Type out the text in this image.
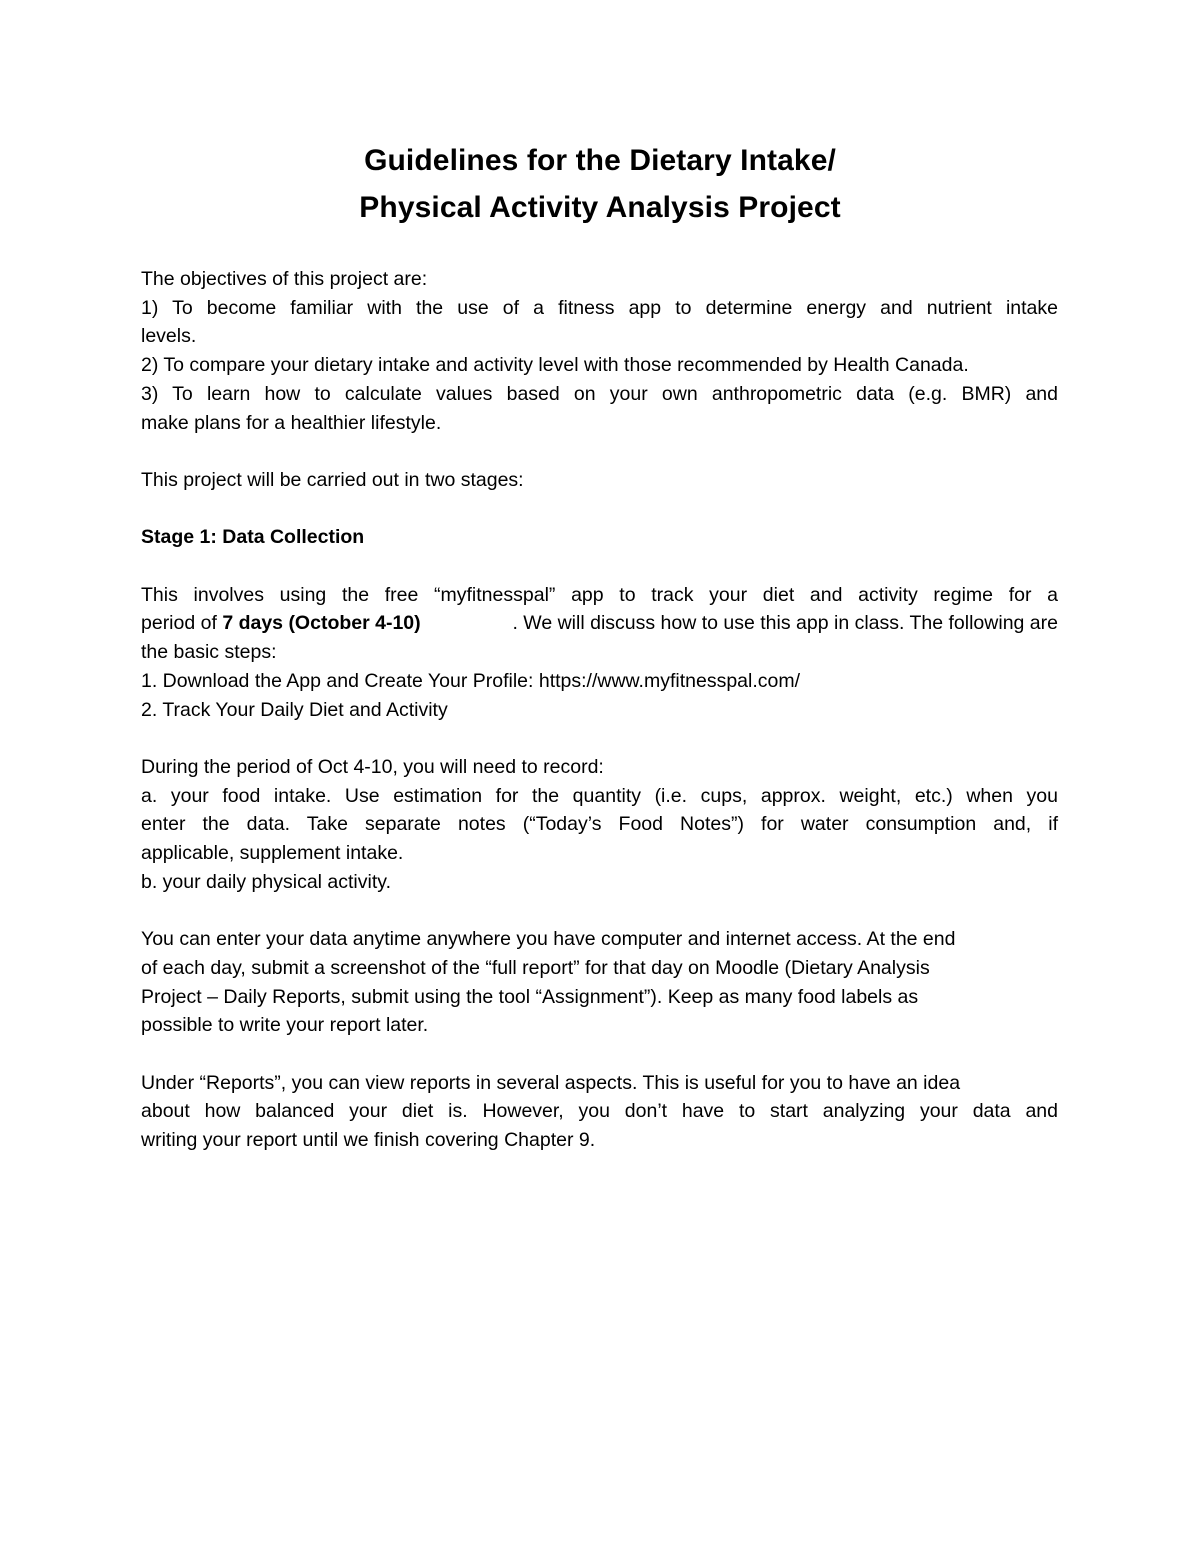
Guidelines for the Dietary Intake/
Physical Activity Analysis Project
The objectives of this project are:
1) To become familiar with the use of a fitness app to determine energy and nutrient intake
levels.
2) To compare your dietary intake and activity level with those recommended by Health Canada.
3) To learn how to calculate values based on your own anthropometric data (e.g. BMR) and
make plans for a healthier lifestyle.
This project will be carried out in two stages:
Stage 1: Data Collection
This involves using the free “myfitnesspal” app to track your diet and activity regime for a
period of 7 days (October 4-10)	. We will discuss how to use this app in class. The following are
the basic steps:
1. Download the App and Create Your Profile: https://www.myfitnesspal.com/
2. Track Your Daily Diet and Activity
During the period of Oct 4-10, you will need to record:
a. your food intake. Use estimation for the quantity (i.e. cups, approx. weight, etc.) when you
enter the data. Take separate notes (“Today’s Food Notes”) for water consumption and, if
applicable, supplement intake.
b. your daily physical activity.
You can enter your data anytime anywhere you have computer and internet access. At the end
of each day, submit a screenshot of the “full report” for that day on Moodle (Dietary Analysis
Project – Daily Reports, submit using the tool “Assignment”). Keep as many food labels as
possible to write your report later.
Under “Reports”, you can view reports in several aspects. This is useful for you to have an idea
about how balanced your diet is. However, you don’t have to start analyzing your data and
writing your report until we finish covering Chapter 9.
